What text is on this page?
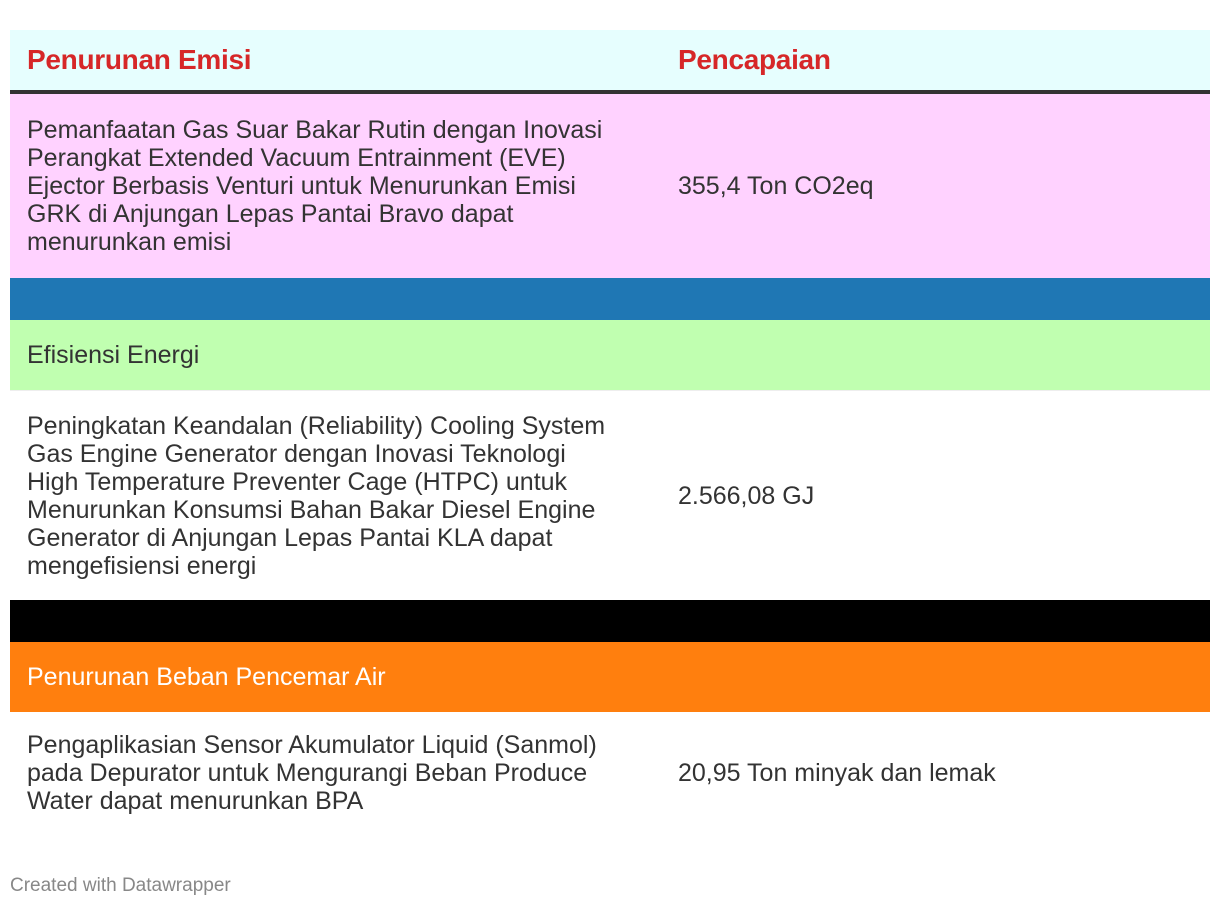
Penurunan Emisi	Pencapaian
Pemanfaatan Gas Suar Bakar Rutin dengan Inovasi Perangkat Extended Vacuum Entrainment (EVE) Ejector Berbasis Venturi untuk Menurunkan Emisi GRK di Anjungan Lepas Pantai Bravo dapat menurunkan emisi
355,4 Ton CO2eq
Efisiensi Energi
Peningkatan Keandalan (Reliability) Cooling System Gas Engine Generator dengan Inovasi Teknologi High Temperature Preventer Cage (HTPC) untuk Menurunkan Konsumsi Bahan Bakar Diesel Engine Generator di Anjungan Lepas Pantai KLA dapat mengefisiensi energi
2.566,08 GJ
Penurunan Beban Pencemar Air
Pengaplikasian Sensor Akumulator Liquid (Sanmol) pada Depurator untuk Mengurangi Beban Produce Water dapat menurunkan BPA
20,95 Ton minyak dan lemak
Created with Datawrapper
